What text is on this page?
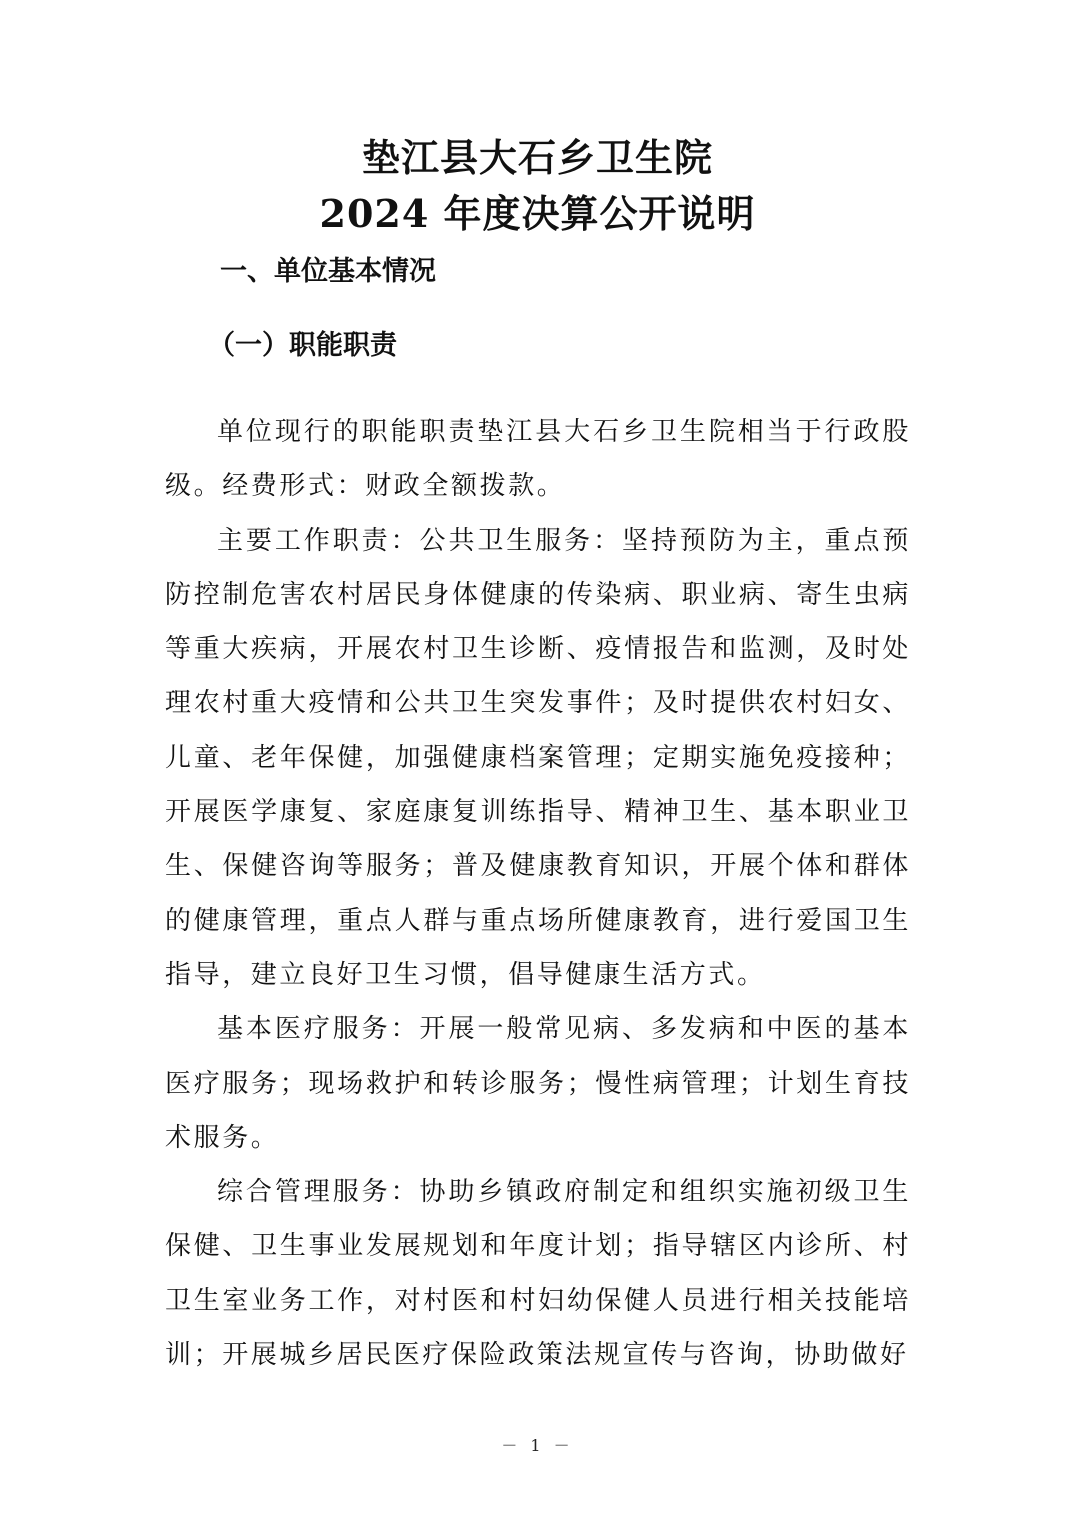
垫江县大石乡卫生院
2024 年度决算公开说明
一、单位基本情况
（一）职能职责

单位现行的职能职责垫江县大石乡卫生院相当于行政股级。经费形式：财政全额拨款。

主要工作职责：公共卫生服务：坚持预防为主，重点预防控制危害农村居民身体健康的传染病、职业病、寄生虫病等重大疾病，开展农村卫生诊断、疫情报告和监测，及时处理农村重大疫情和公共卫生突发事件；及时提供农村妇女、儿童、老年保健，加强健康档案管理；定期实施免疫接种；开展医学康复、家庭康复训练指导、精神卫生、基本职业卫生、保健咨询等服务；普及健康教育知识，开展个体和群体的健康管理，重点人群与重点场所健康教育，进行爱国卫生指导，建立良好卫生习惯，倡导健康生活方式。

基本医疗服务：开展一般常见病、多发病和中医的基本医疗服务；现场救护和转诊服务；慢性病管理；计划生育技术服务。

综合管理服务：协助乡镇政府制定和组织实施初级卫生保健、卫生事业发展规划和年度计划；指导辖区内诊所、村卫生室业务工作，对村医和村妇幼保健人员进行相关技能培训；开展城乡居民医疗保险政策法规宣传与咨询，协助做好

－ 1 －
